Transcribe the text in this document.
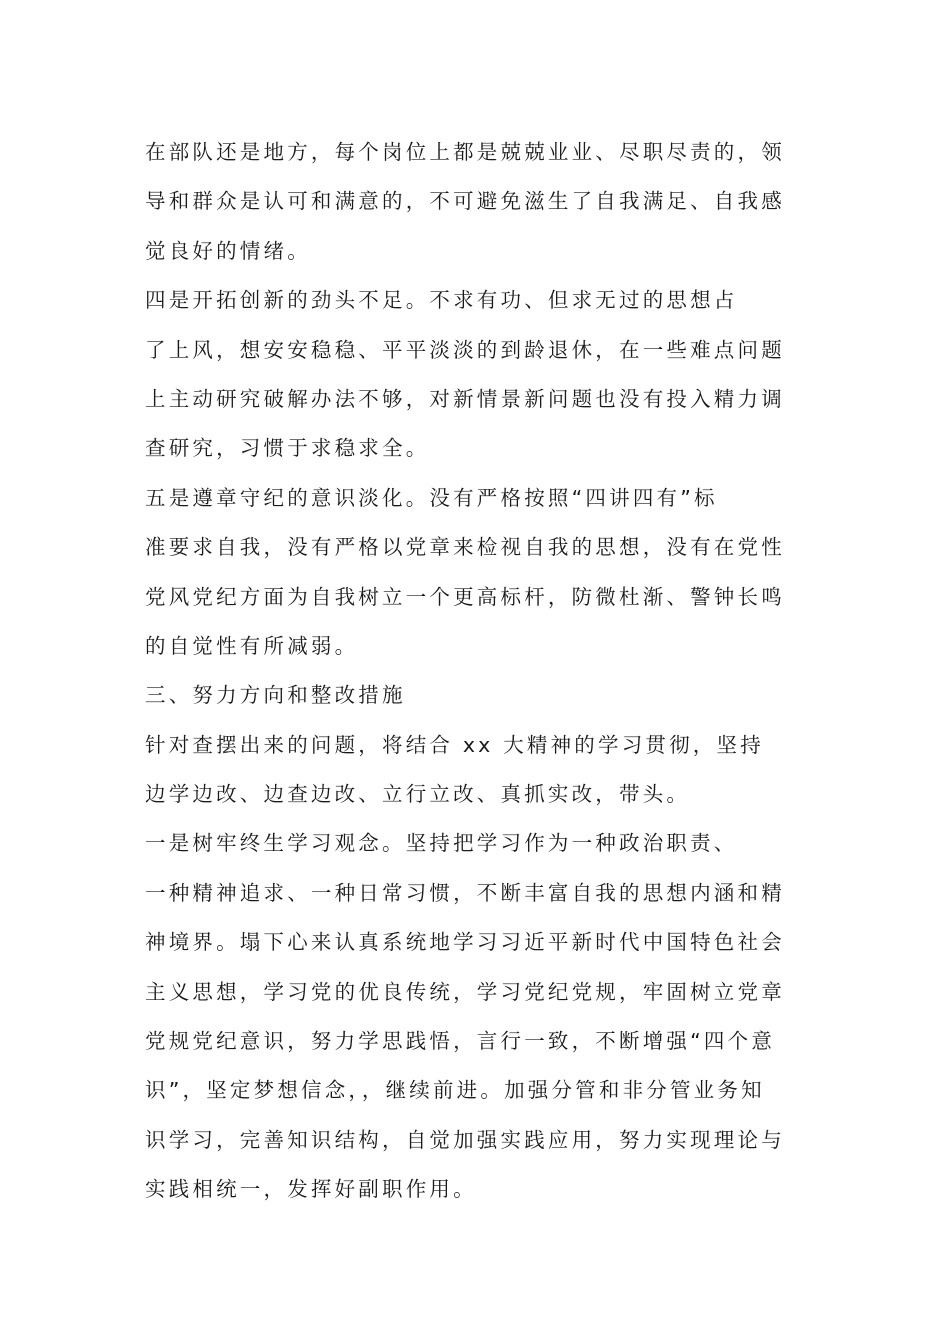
在部队还是地方，每个岗位上都是兢兢业业、尽职尽责的，领
导和群众是认可和满意的，不可避免滋生了自我满足、自我感
觉良好的情绪。
四是开拓创新的劲头不足。不求有功、但求无过的思想占
了上风，想安安稳稳、平平淡淡的到龄退休，在一些难点问题
上主动研究破解办法不够，对新情景新问题也没有投入精力调
查研究，习惯于求稳求全。
五是遵章守纪的意识淡化。没有严格按照“四讲四有”标
准要求自我，没有严格以党章来检视自我的思想，没有在党性
党风党纪方面为自我树立一个更高标杆，防微杜渐、警钟长鸣
的自觉性有所减弱。
三、努力方向和整改措施
针对查摆出来的问题，将结合 xx 大精神的学习贯彻，坚持
边学边改、边查边改、立行立改、真抓实改，带头。
一是树牢终生学习观念。坚持把学习作为一种政治职责、
一种精神追求、一种日常习惯，不断丰富自我的思想内涵和精
神境界。塌下心来认真系统地学习习近平新时代中国特色社会
主义思想，学习党的优良传统，学习党纪党规，牢固树立党章
党规党纪意识，努力学思践悟，言行一致，不断增强“四个意
识”，坚定梦想信念，，继续前进。加强分管和非分管业务知
识学习，完善知识结构，自觉加强实践应用，努力实现理论与
实践相统一，发挥好副职作用。
